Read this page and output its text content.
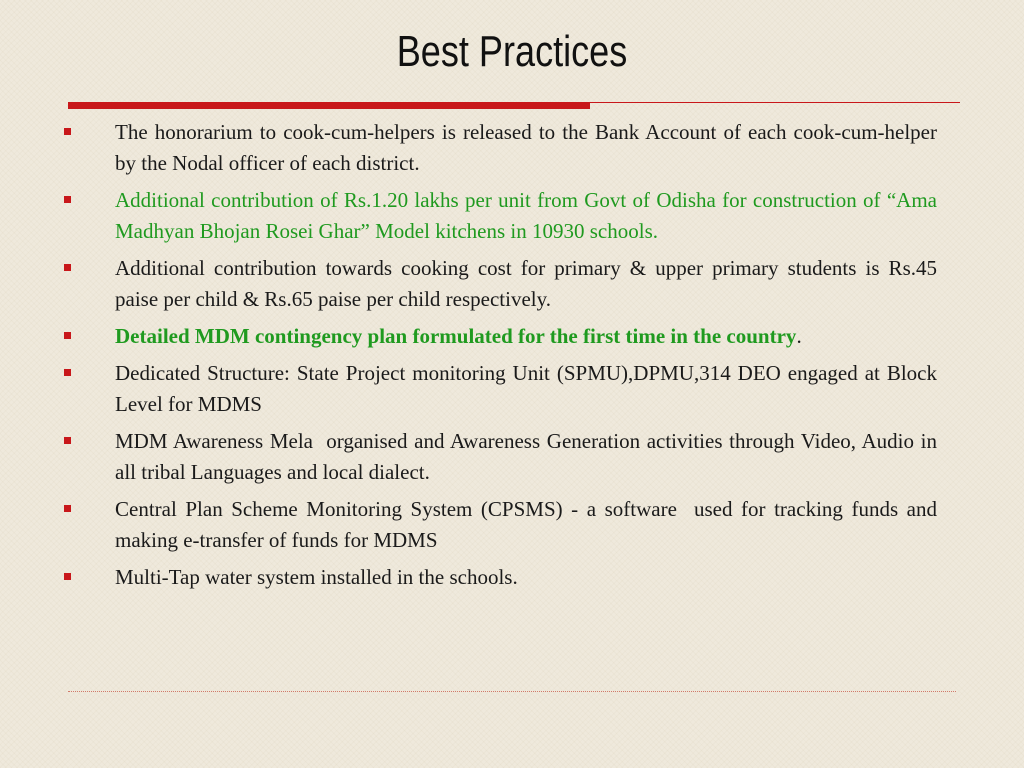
Best Practices
The honorarium to cook-cum-helpers is released to the Bank Account of each cook-cum-helper by the Nodal officer of each district.
Additional contribution of Rs.1.20 lakhs per unit from Govt of Odisha for construction of “Ama Madhyan Bhojan Rosei Ghar” Model kitchens in 10930 schools.
Additional contribution towards cooking cost for primary & upper primary students is Rs.45 paise per child & Rs.65 paise per child respectively.
Detailed MDM contingency plan formulated for the first time in the country.
Dedicated Structure: State Project monitoring Unit (SPMU),DPMU,314 DEO engaged at Block Level for MDMS
MDM Awareness Mela  organised and Awareness Generation activities through Video, Audio in all tribal Languages and local dialect.
Central Plan Scheme Monitoring System (CPSMS) - a software  used for tracking funds and making e-transfer of funds for MDMS
Multi-Tap water system installed in the schools.
